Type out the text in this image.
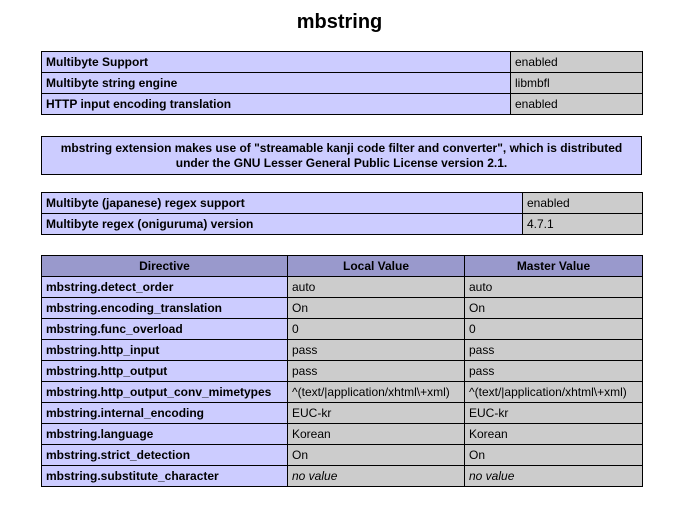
mbstring
Multibyte Support	enabled
Multibyte string engine	libmbfl
HTTP input encoding translation	enabled
mbstring extension makes use of "streamable kanji code filter and converter", which is distributed under the GNU Lesser General Public License version 2.1.
Multibyte (japanese) regex support	enabled
Multibyte regex (oniguruma) version	4.7.1
Directive	Local Value	Master Value
mbstring.detect_order	auto	auto
mbstring.encoding_translation	On	On
mbstring.func_overload	0	0
mbstring.http_input	pass	pass
mbstring.http_output	pass	pass
mbstring.http_output_conv_mimetypes	^(text/|application/xhtml\+xml)	^(text/|application/xhtml\+xml)
mbstring.internal_encoding	EUC-kr	EUC-kr
mbstring.language	Korean	Korean
mbstring.strict_detection	On	On
mbstring.substitute_character	no value	no value
